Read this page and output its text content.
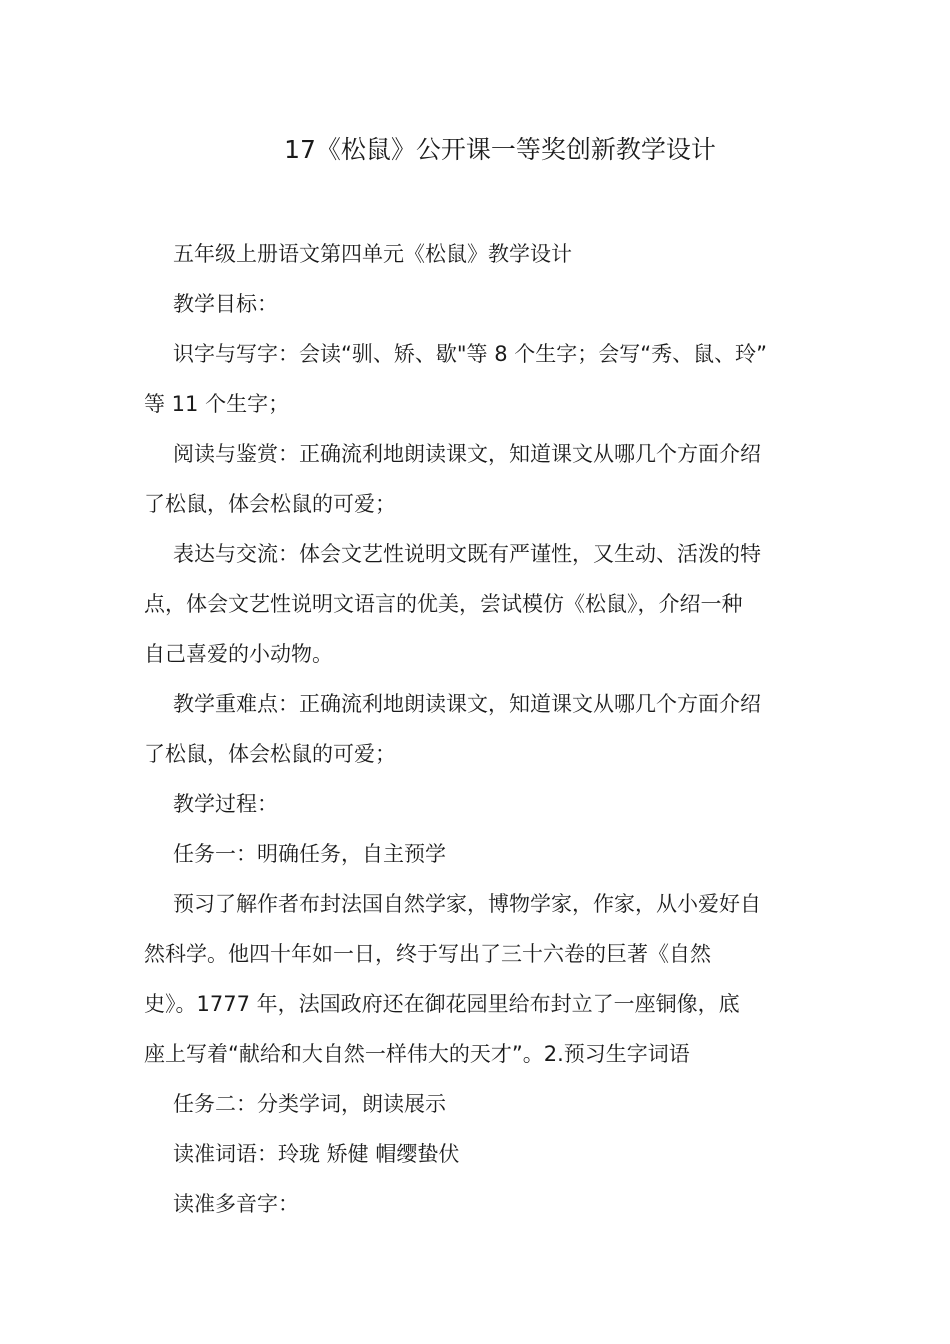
17《松鼠》公开课一等奖创新教学设计

五年级上册语文第四单元《松鼠》教学设计

教学目标：

识字与写字：会读“驯、矫、歇"等 8 个生字；会写“秀、鼠、玲”

等 11 个生字；

阅读与鉴赏：正确流利地朗读课文，知道课文从哪几个方面介绍

了松鼠，体会松鼠的可爱；

表达与交流：体会文艺性说明文既有严谨性，又生动、活泼的特

点，体会文艺性说明文语言的优美，尝试模仿《松鼠》，介绍一种

自己喜爱的小动物。

教学重难点：正确流利地朗读课文，知道课文从哪几个方面介绍

了松鼠，体会松鼠的可爱；

教学过程：

任务一：明确任务，自主预学

预习了解作者布封法国自然学家，博物学家，作家，从小爱好自

然科学。他四十年如一日，终于写出了三十六卷的巨著《自然

史》。1777 年，法国政府还在御花园里给布封立了一座铜像，底

座上写着“献给和大自然一样伟大的天才”。2.预习生字词语

任务二：分类学词，朗读展示

读准词语：玲珑 矫健 帽缨蛰伏

读准多音字：
